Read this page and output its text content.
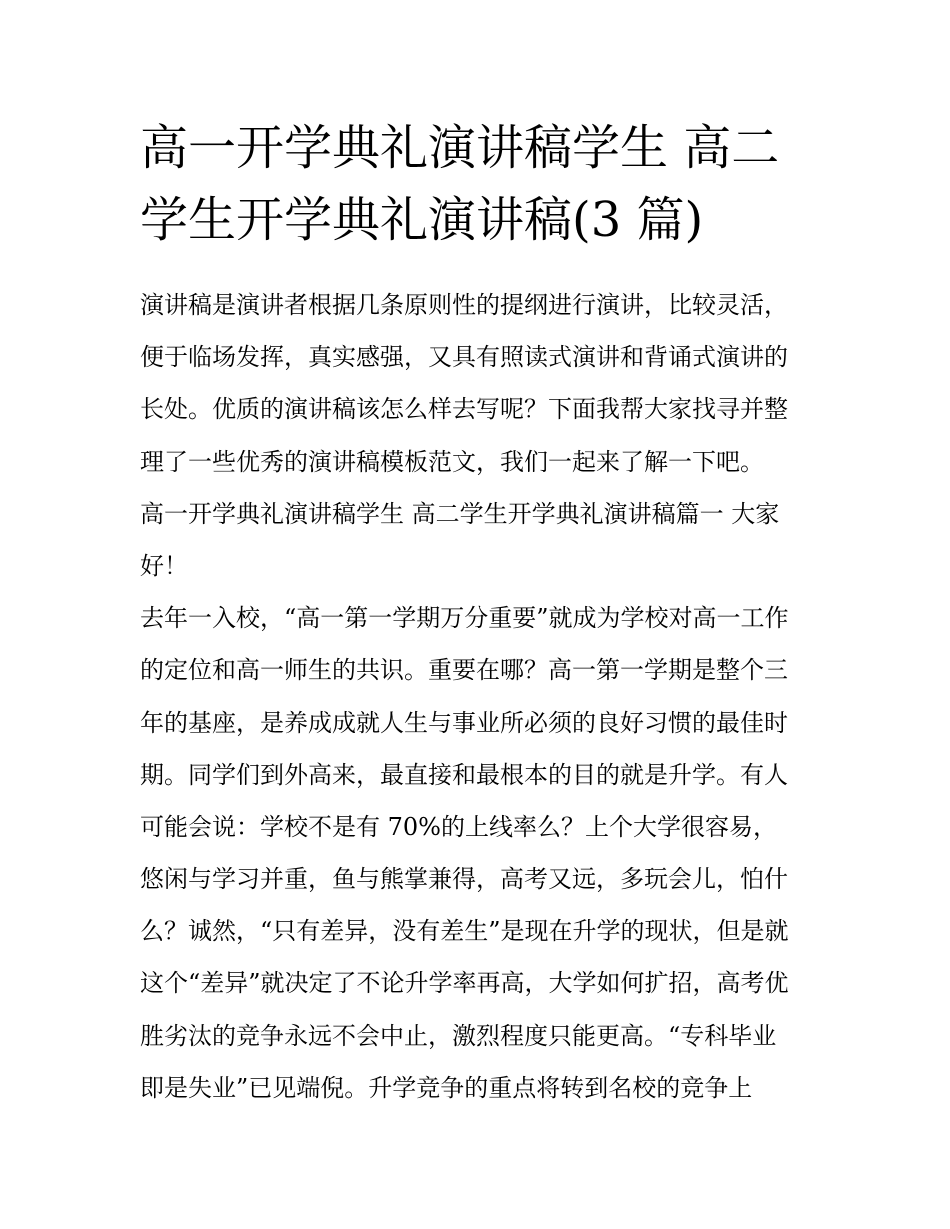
高一开学典礼演讲稿学生 高二
学生开学典礼演讲稿(3 篇)
演讲稿是演讲者根据几条原则性的提纲进行演讲，比较灵活，
便于临场发挥，真实感强，又具有照读式演讲和背诵式演讲的
长处。优质的演讲稿该怎么样去写呢？下面我帮大家找寻并整
理了一些优秀的演讲稿模板范文，我们一起来了解一下吧。
高一开学典礼演讲稿学生 高二学生开学典礼演讲稿篇一 大家
好！
去年一入校，“高一第一学期万分重要”就成为学校对高一工作
的定位和高一师生的共识。重要在哪？高一第一学期是整个三
年的基座，是养成成就人生与事业所必须的良好习惯的最佳时
期。同学们到外高来，最直接和最根本的目的就是升学。有人
可能会说：学校不是有 70%的上线率么？上个大学很容易，
悠闲与学习并重，鱼与熊掌兼得，高考又远，多玩会儿，怕什
么？诚然，“只有差异，没有差生”是现在升学的现状，但是就
这个“差异”就决定了不论升学率再高，大学如何扩招，高考优
胜劣汰的竞争永远不会中止，激烈程度只能更高。“专科毕业
即是失业”已见端倪。升学竞争的重点将转到名校的竞争上
